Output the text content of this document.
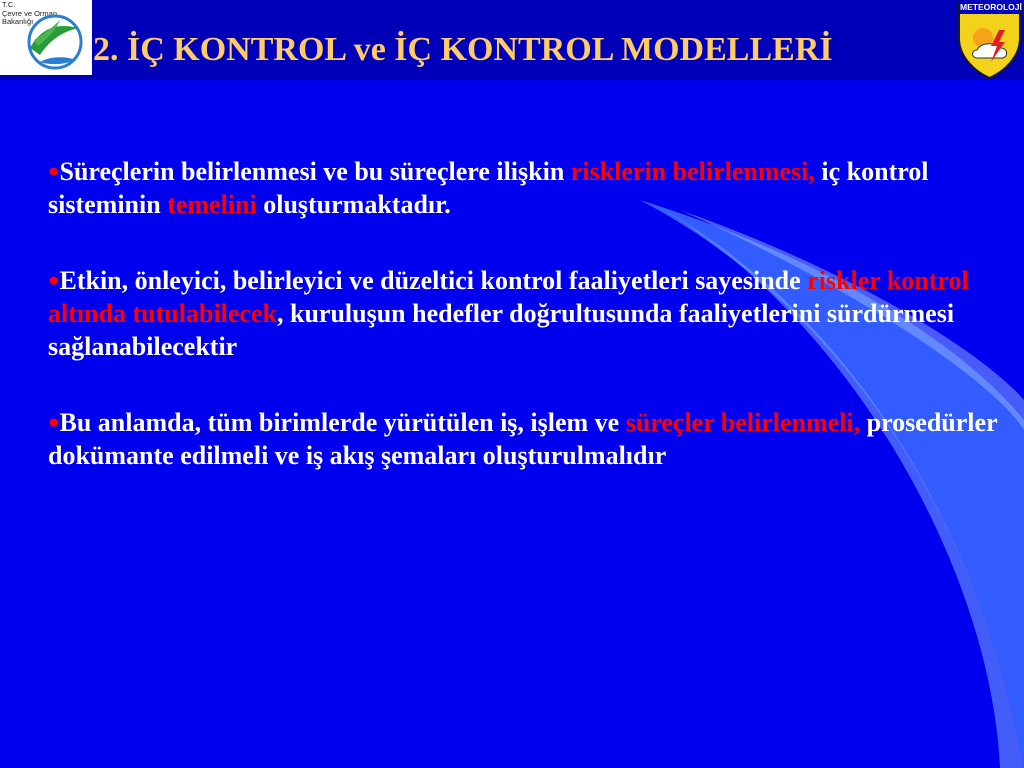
T.C.
Çevre ve Orman
Bakanlığı
2. İÇ KONTROL ve İÇ KONTROL MODELLERİ
METEOROLOJİ
●Süreçlerin belirlenmesi ve bu süreçlere ilişkin risklerin belirlenmesi, iç kontrol sisteminin temelini oluşturmaktadır.
●Etkin, önleyici, belirleyici ve düzeltici kontrol faaliyetleri sayesinde riskler kontrol altında tutulabilecek, kuruluşun hedefler doğrultusunda faaliyetlerini sürdürmesi sağlanabilecektir
●Bu anlamda, tüm birimlerde yürütülen iş, işlem ve süreçler belirlenmeli, prosedürler dokümante edilmeli ve iş akış şemaları oluşturulmalıdır
